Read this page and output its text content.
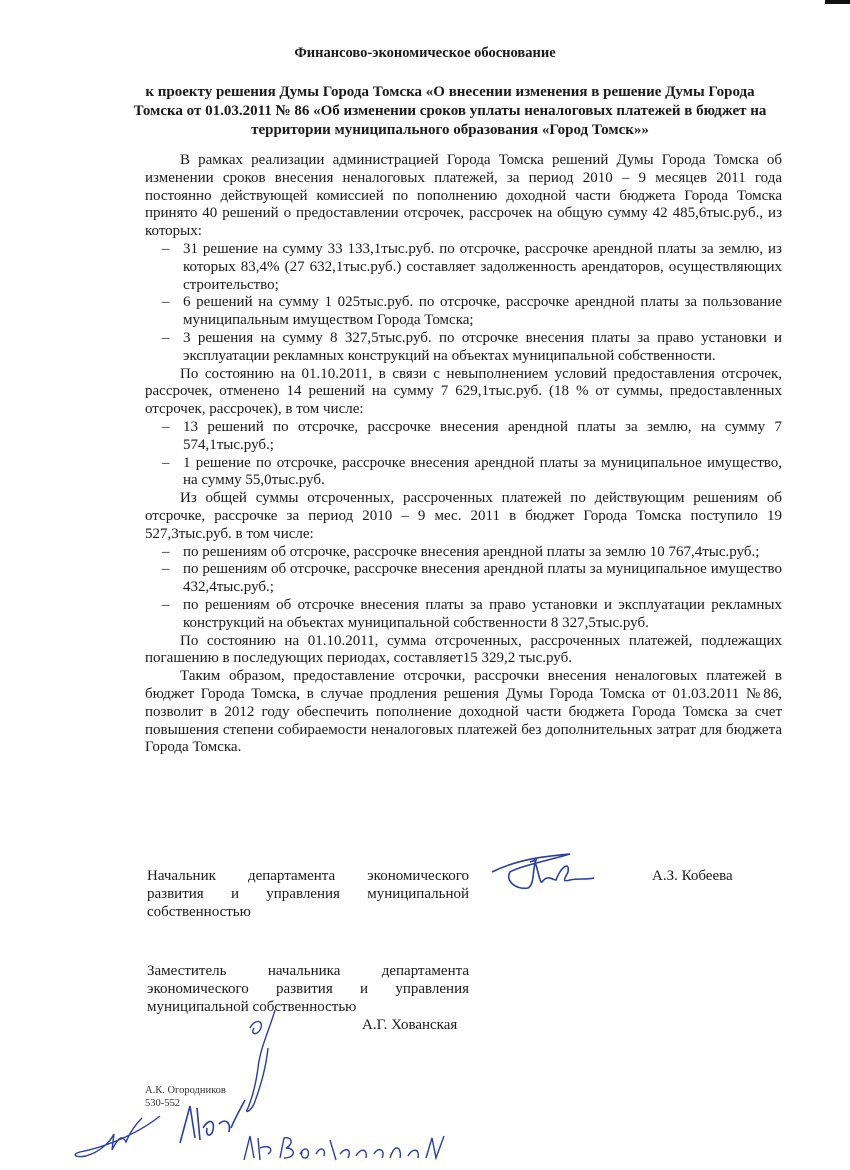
Финансово-экономическое обоснование
к проекту решения Думы Города Томска «О внесении изменения в решение Думы Города Томска от 01.03.2011 № 86 «Об изменении сроков уплаты неналоговых платежей в бюджет на территории муниципального образования «Город Томск»»

В рамках реализации администрацией Города Томска решений Думы Города Томска об изменении сроков внесения неналоговых платежей, за период 2010 – 9 месяцев 2011 года постоянно действующей комиссией по пополнению доходной части бюджета Города Томска принято 40 решений о предоставлении отсрочек, рассрочек на общую сумму 42 485,6тыс.руб., из которых:

– 31 решение на сумму 33 133,1тыс.руб. по отсрочке, рассрочке арендной платы за землю, из которых 83,4% (27 632,1тыс.руб.) составляет задолженность арендаторов, осуществляющих строительство;
– 6 решений на сумму 1 025тыс.руб. по отсрочке, рассрочке арендной платы за пользование муниципальным имуществом Города Томска;
– 3 решения на сумму 8 327,5тыс.руб. по отсрочке внесения платы за право установки и эксплуатации рекламных конструкций на объектах муниципальной собственности.

По состоянию на 01.10.2011, в связи с невыполнением условий предоставления отсрочек, рассрочек, отменено 14 решений на сумму 7 629,1тыс.руб. (18 % от суммы, предоставленных отсрочек, рассрочек), в том числе:

– 13 решений по отсрочке, рассрочке внесения арендной платы за землю, на сумму 7 574,1тыс.руб.;
– 1 решение по отсрочке, рассрочке внесения арендной платы за муниципальное имущество, на сумму 55,0тыс.руб.

Из общей суммы отсроченных, рассроченных платежей по действующим решениям об отсрочке, рассрочке за период 2010 – 9 мес. 2011 в бюджет Города Томска поступило 19 527,3тыс.руб. в том числе:

– по решениям об отсрочке, рассрочке внесения арендной платы за землю 10 767,4тыс.руб.;
– по решениям об отсрочке, рассрочке внесения арендной платы за муниципальное имущество 432,4тыс.руб.;
– по решениям об отсрочке внесения платы за право установки и эксплуатации рекламных конструкций на объектах муниципальной собственности 8 327,5тыс.руб.

По состоянию на 01.10.2011, сумма отсроченных, рассроченных платежей, подлежащих погашению в последующих периодах, составляет15 329,2 тыс.руб.

Таким образом, предоставление отсрочки, рассрочки внесения неналоговых платежей в бюджет Города Томска, в случае продления решения Думы Города Томска от 01.03.2011 №86, позволит в 2012 году обеспечить пополнение доходной части бюджета Города Томска за счет повышения степени собираемости неналоговых платежей без дополнительных затрат для бюджета Города Томска.

Начальник департамента экономического развития и управления муниципальной
собственностью
А.З. Кобеева
Заместитель начальника департамента экономического развития и управления
муниципальной собственностью
А.Г. Хованская
А.К. Огородников
530-552
